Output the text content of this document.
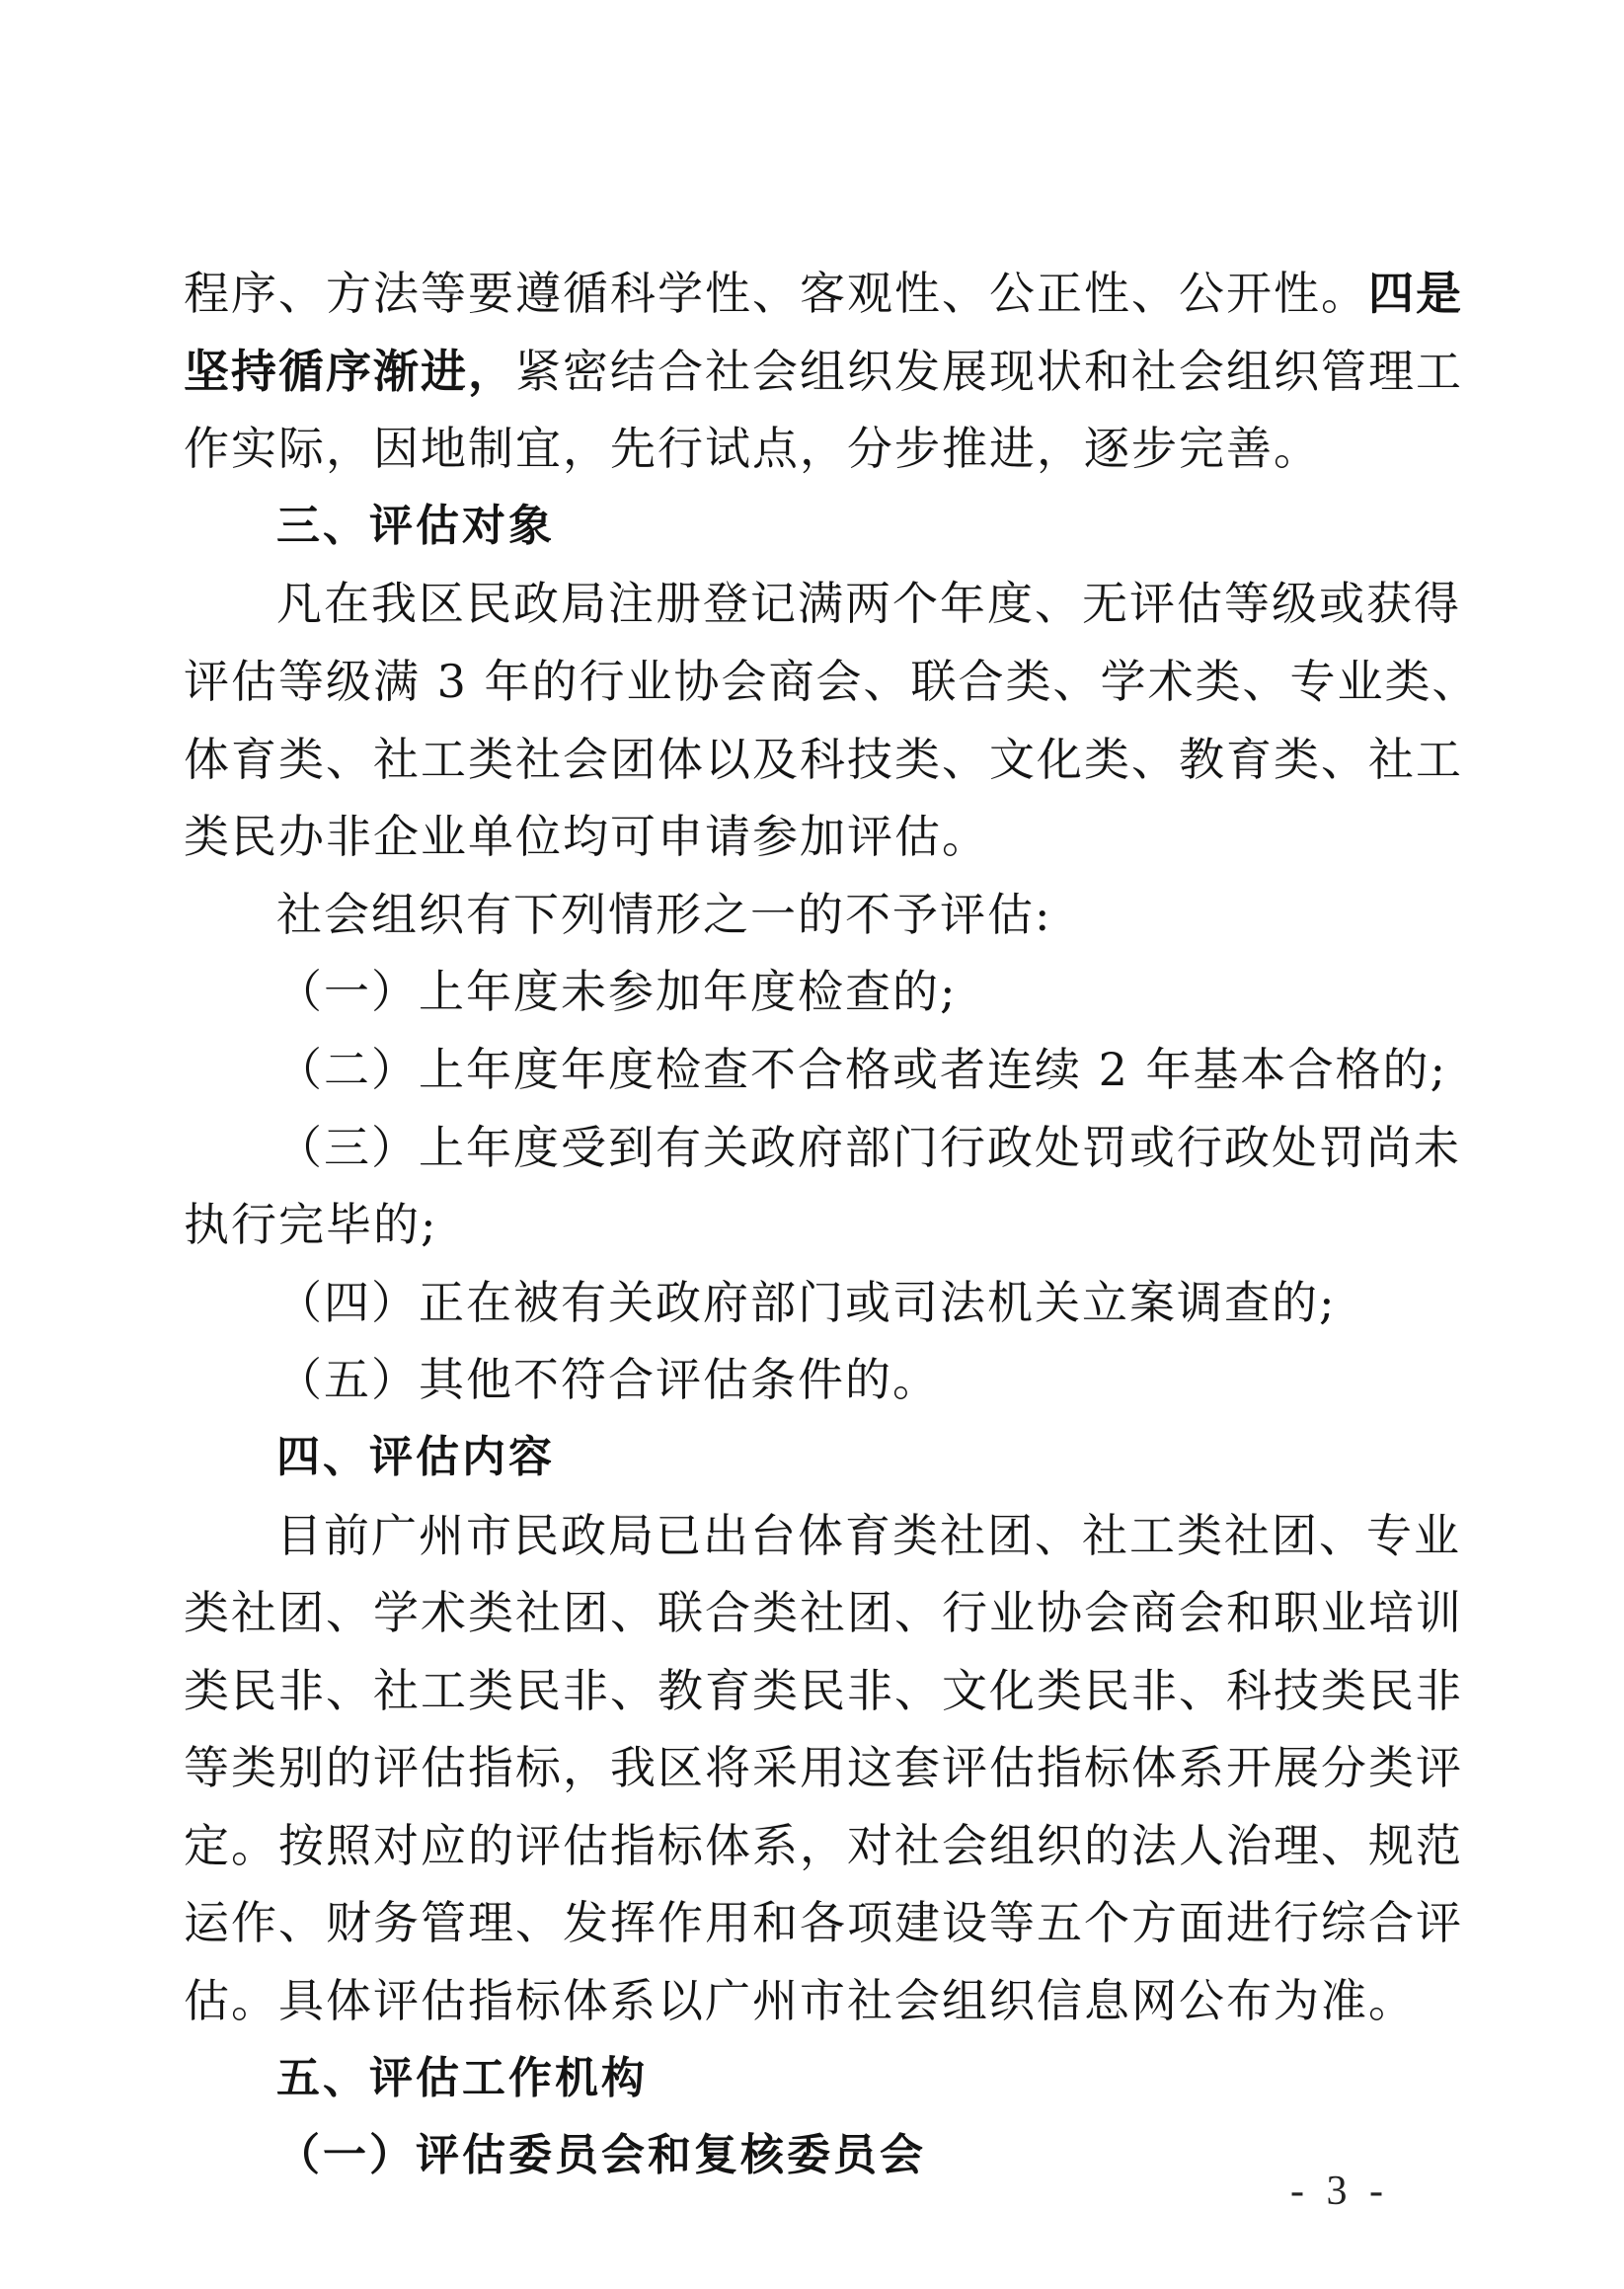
程序、方法等要遵循科学性、客观性、公正性、公开性。四是
坚持循序渐进，紧密结合社会组织发展现状和社会组织管理工
作实际，因地制宜，先行试点，分步推进，逐步完善。
三、评估对象
凡在我区民政局注册登记满两个年度、无评估等级或获得
评估等级满 3 年的行业协会商会、联合类、学术类、专业类、
体育类、社工类社会团体以及科技类、文化类、教育类、社工
类民办非企业单位均可申请参加评估。
社会组织有下列情形之一的不予评估:
（一）上年度未参加年度检查的;
（二）上年度年度检查不合格或者连续 2 年基本合格的;
（三）上年度受到有关政府部门行政处罚或行政处罚尚未
执行完毕的;
（四）正在被有关政府部门或司法机关立案调查的;
（五）其他不符合评估条件的。
四、评估内容
目前广州市民政局已出台体育类社团、社工类社团、专业
类社团、学术类社团、联合类社团、行业协会商会和职业培训
类民非、社工类民非、教育类民非、文化类民非、科技类民非
等类别的评估指标，我区将采用这套评估指标体系开展分类评
定。按照对应的评估指标体系，对社会组织的法人治理、规范
运作、财务管理、发挥作用和各项建设等五个方面进行综合评
估。具体评估指标体系以广州市社会组织信息网公布为准。
五、评估工作机构
（一）评估委员会和复核委员会
- 3 -
